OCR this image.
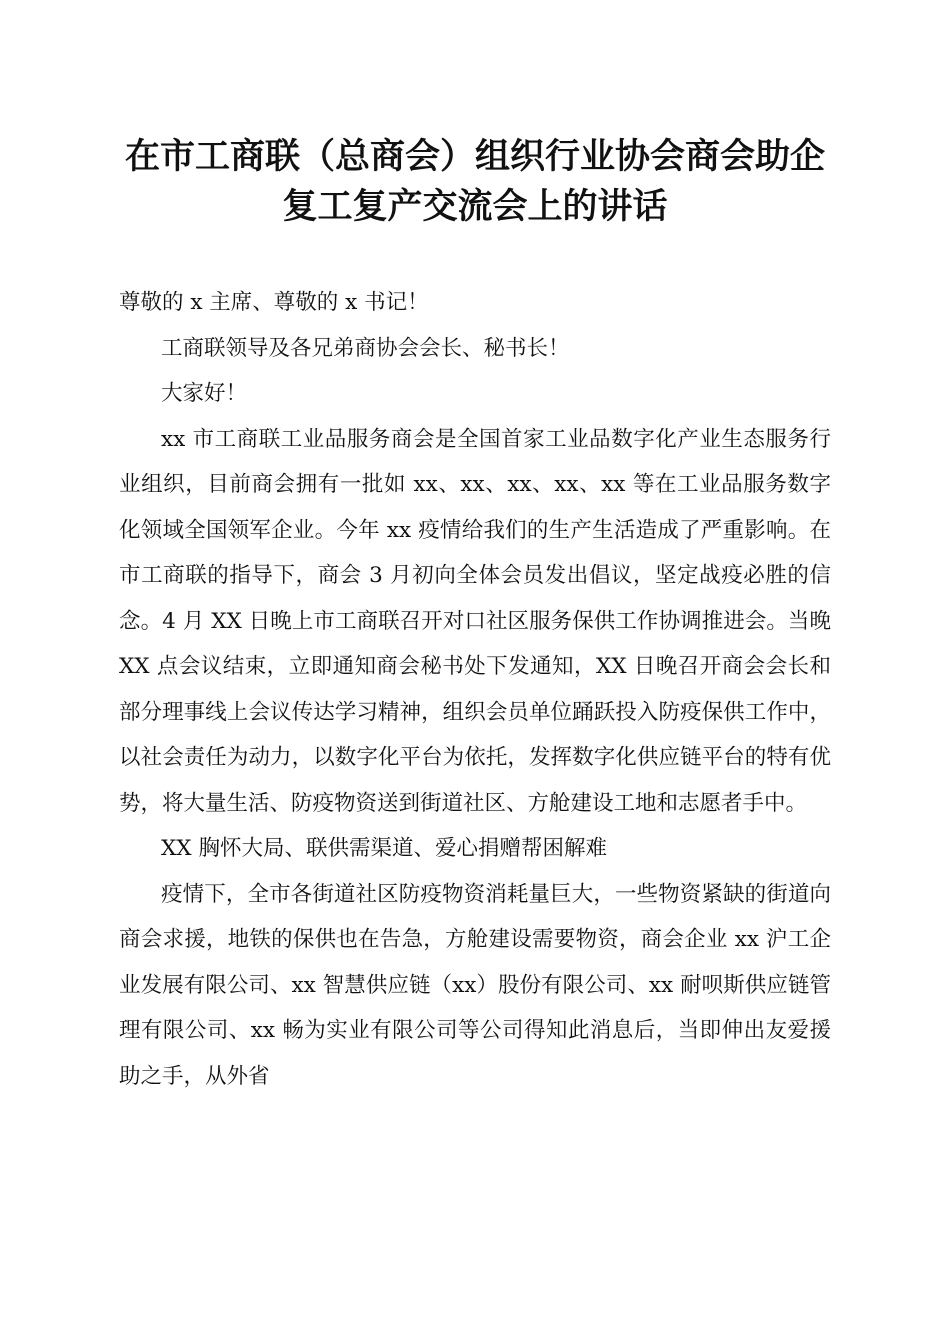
在市工商联（总商会）组织行业协会商会助企
复工复产交流会上的讲话

尊敬的 x 主席、尊敬的 x 书记！

工商联领导及各兄弟商协会会长、秘书长！

大家好！

xx 市工商联工业品服务商会是全国首家工业品数字化产业生态服务行业组织，目前商会拥有一批如 xx、xx、xx、xx、xx 等在工业品服务数字化领域全国领军企业。今年 xx 疫情给我们的生产生活造成了严重影响。在市工商联的指导下，商会 3 月初向全体会员发出倡议，坚定战疫必胜的信念。4 月 XX 日晚上市工商联召开对口社区服务保供工作协调推进会。当晚 XX 点会议结束，立即通知商会秘书处下发通知，XX 日晚召开商会会长和部分理事线上会议传达学习精神，组织会员单位踊跃投入防疫保供工作中，以社会责任为动力，以数字化平台为依托，发挥数字化供应链平台的特有优势，将大量生活、防疫物资送到街道社区、方舱建设工地和志愿者手中。

XX 胸怀大局、联供需渠道、爱心捐赠帮困解难

疫情下，全市各街道社区防疫物资消耗量巨大，一些物资紧缺的街道向商会求援，地铁的保供也在告急，方舱建设需要物资，商会企业 xx 沪工企业发展有限公司、xx 智慧供应链（xx）股份有限公司、xx 耐呗斯供应链管理有限公司、xx 畅为实业有限公司等公司得知此消息后，当即伸出友爱援助之手，从外省
